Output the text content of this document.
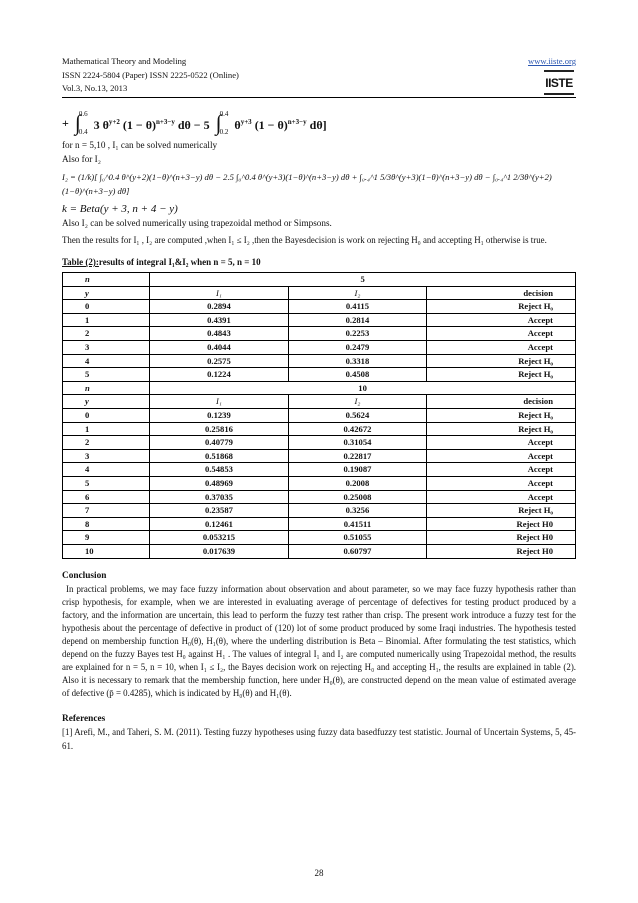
Mathematical Theory and Modeling
ISSN 2224-5804 (Paper) ISSN 2225-0522 (Online)
Vol.3, No.13, 2013
www.iiste.org
IISTE
+ ∫
0.6

0.4 3 $\theta^{y+2}$ $(1 - \theta)^{n+3-y}$ dθ − 5 ∫
0.4

0.2 $\theta^{y+3}$ $(1 - \theta)^{n+3-y}$ dθ]
for n = 5,10 , I₁ can be solved numerically
Also for I₂
I₂ = (1/k)[ ∫₀^0.4 θ^(y+2)(1−θ)^(n+3−y) dθ − 2.5 ∫₀^0.4 θ^(y+3)(1−θ)^(n+3−y) dθ + ∫₀.₄^1 5/3θ^(y+3)(1−θ)^(n+3−y) dθ − ∫₀.₄^1 2/3θ^(y+2)(1−θ)^(n+3−y) dθ]
k = Beta(y + 3, n + 4 − y)
Also I₂ can be solved numerically using trapezoidal method or Simpsons.
Then the results for I₁ , I₂ are computed ,when I₁ ≤ I₂ ,then the Bayesdecision is work on rejecting H₀ and accepting H₁ otherwise is true.
Table (2):results of integral I₁&I₂ when n = 5, n = 10
n	5		
y	I₁	I₂	decision
0	0.2894	0.4115	Reject H₀
1	0.4391	0.2814	Accept
2	0.4843	0.2253	Accept
3	0.4044	0.2479	Accept
4	0.2575	0.3318	Reject H₀
5	0.1224	0.4508	Reject H₀
n	10		
y	I₁	I₂	decision
0	0.1239	0.5624	Reject H₀
1	0.25816	0.42672	Reject H₀
2	0.40779	0.31054	Accept
3	0.51868	0.22817	Accept
4	0.54853	0.19087	Accept
5	0.48969	0.2008	Accept
6	0.37035	0.25008	Accept
7	0.23587	0.3256	Reject H₀
8	0.12461	0.41511	Reject H0
9	0.053215	0.51055	Reject H0
10	0.017639	0.60797	Reject H0
Conclusion
In practical problems, we may face fuzzy information about observation and about parameter, so we may face fuzzy hypothesis rather than crisp hypothesis, for example, when we are interested in evaluating average of percentage of defectives for testing product produced by a factory, and the information are uncertain, this lead to perform the fuzzy test rather than crisp. The present work introduce a fuzzy test for the hypothesis about the percentage of defective in product of (120) lot of some product produced by some Iraqi industries. The hypothesis tested depend on membership function H₀(θ), H₁(θ), where the underling distribution is Beta – Binomial. After formulating the test statistics, which depend on the fuzzy Bayes test H₀ against H₁ . The values of integral I₁ and I₂ are computed numerically using Trapezoidal method, the results are explained for n = 5, n = 10, when I₁ ≤ I₂, the Bayes decision work on rejecting H₀ and accepting H₁, the results are explained in table (2). Also it is necessary to remark that the membership function, here under H₀(θ), are constructed depend on the mean value of estimated average of defective (p̄ = 0.4285), which is indicated by H₀(θ) and H₁(θ).
References
[1] Arefi, M., and Taheri, S. M. (2011). Testing fuzzy hypotheses using fuzzy data basedfuzzy test statistic. Journal of Uncertain Systems, 5, 45-61.
28
